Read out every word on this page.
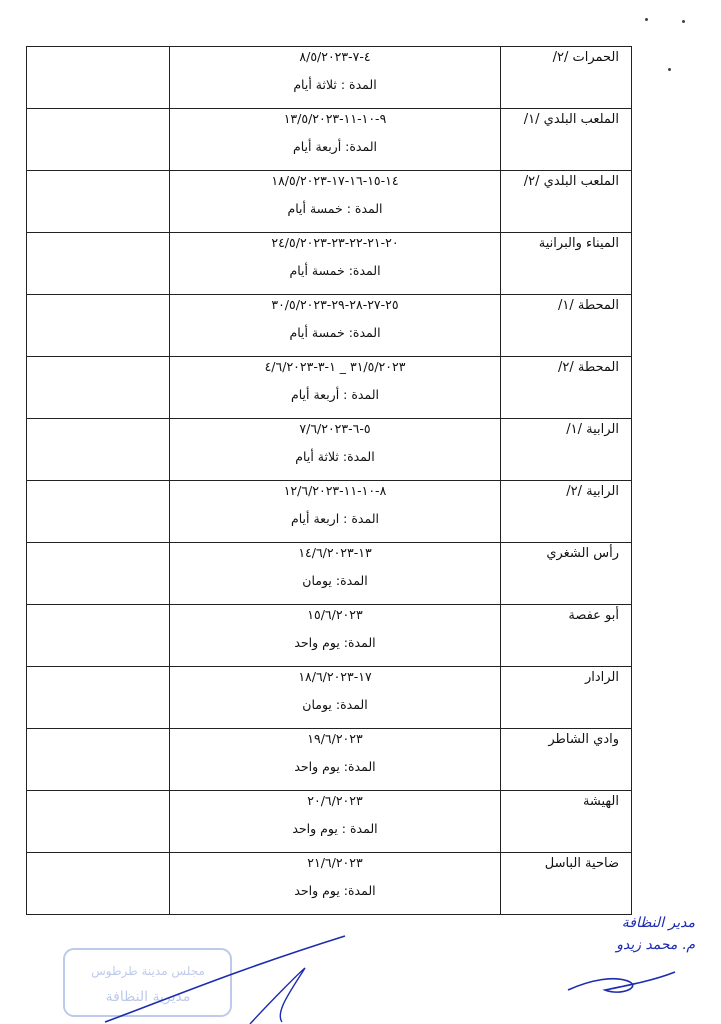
الحمرات /٢/	٤-٧-٨/٥/٢٠٢٣
المدة : ثلاثة أيام	

الملعب البلدي /١/	٩-١٠-١١-١٣/٥/٢٠٢٣
المدة: أربعة أيام	

الملعب البلدي /٢/	١٤-١٥-١٦-١٧-١٨/٥/٢٠٢٣
المدة : خمسة أيام	

الميناء والبرانية	٢٠-٢١-٢٢-٢٣-٢٤/٥/٢٠٢٣
المدة: خمسة أيام	

المحطة /١/	٢٥-٢٧-٢٨-٢٩-٣٠/٥/٢٠٢٣
المدة: خمسة أيام	

المحطة /٢/	٣١/٥/٢٠٢٣ _ ١-٣-٤/٦/٢٠٢٣
المدة : أربعة أيام	

الرابية /١/	٥-٦-٧/٦/٢٠٢٣
المدة: ثلاثة أيام	

الرابية /٢/	٨-١٠-١١-١٢/٦/٢٠٢٣
المدة : اربعة أيام	

رأس الشغري	١٣-١٤/٦/٢٠٢٣
المدة: يومان	

أبو عفصة	١٥/٦/٢٠٢٣
المدة: يوم واحد	

الرادار	١٧-١٨/٦/٢٠٢٣
المدة: يومان	

وادي الشاطر	١٩/٦/٢٠٢٣
المدة: يوم واحد	

الهيشة	٢٠/٦/٢٠٢٣
المدة : يوم واحد	

ضاحية الباسل	٢١/٦/٢٠٢٣
المدة: يوم واحد	

مجلس مدينة طرطوس
مديرية النظافة
مدير النظافة
م. محمد زيدو
